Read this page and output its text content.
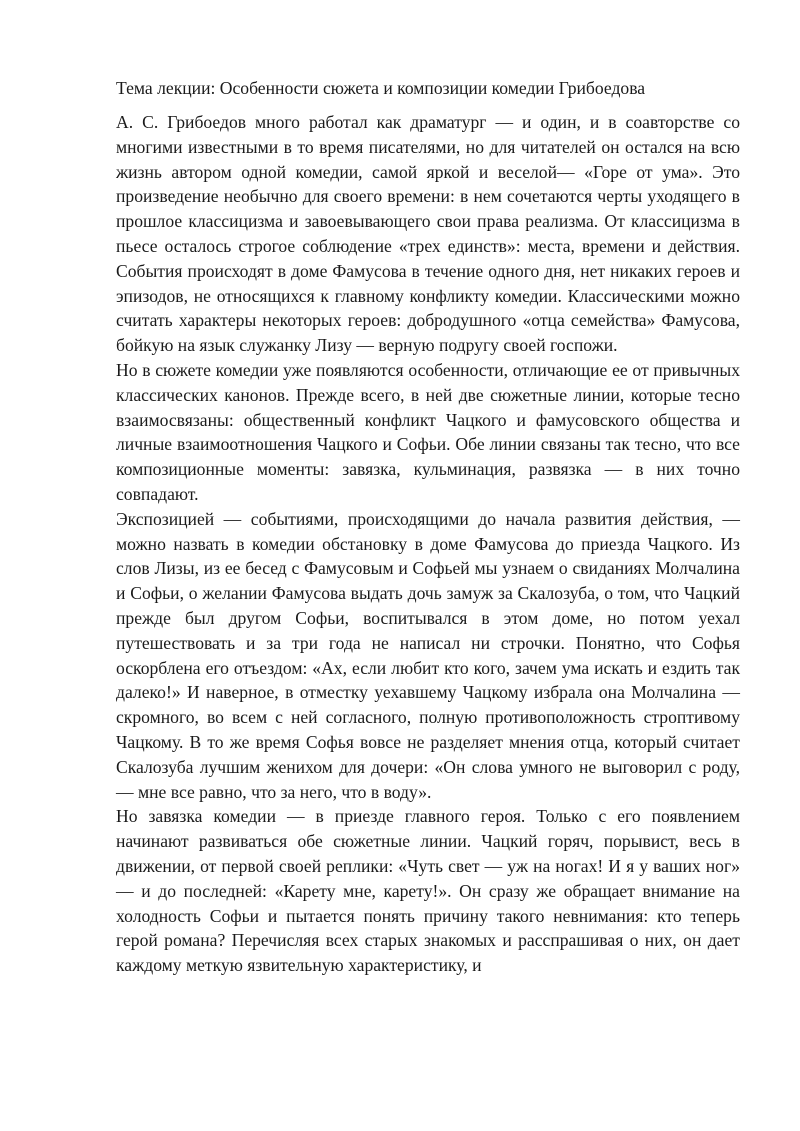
Тема лекции: Особенности сюжета и композиции комедии Грибоедова

А. С. Грибоедов много работал как драматург — и один, и в соавторстве со многими известными в то время писателями, но для читателей он остался на всю жизнь автором одной комедии, самой яркой и веселой— «Горе от ума». Это произведение необычно для своего времени: в нем сочетаются черты уходящего в прошлое классицизма и завоевывающего свои права реализма. От классицизма в пьесе осталось строгое соблюдение «трех единств»: места, времени и действия. События происходят в доме Фамусова в течение одного дня, нет никаких героев и эпизодов, не относящихся к главному конфликту комедии. Классическими можно считать характеры некоторых героев: добродушного «отца семейства» Фамусова, бойкую на язык служанку Лизу — верную подругу своей госпожи.

Но в сюжете комедии уже появляются особенности, отличающие ее от привычных классических канонов. Прежде всего, в ней две сюжетные линии, которые тесно взаимосвязаны: общественный конфликт Чацкого и фамусовского общества и личные взаимоотношения Чацкого и Софьи. Обе линии связаны так тесно, что все композиционные моменты: завязка, кульминация, развязка — в них точно совпадают.

Экспозицией — событиями, происходящими до начала развития действия, — можно назвать в комедии обстановку в доме Фамусова до приезда Чацкого. Из слов Лизы, из ее бесед с Фамусовым и Софьей мы узнаем о свиданиях Молчалина и Софьи, о желании Фамусова выдать дочь замуж за Скалозуба, о том, что Чацкий прежде был другом Софьи, воспитывался в этом доме, но потом уехал путешествовать и за три года не написал ни строчки. Понятно, что Софья оскорблена его отъездом: «Ах, если любит кто кого, зачем ума искать и ездить так далеко!» И наверное, в отместку уехавшему Чацкому избрала она Молчалина — скромного, во всем с ней согласного, полную противоположность строптивому Чацкому. В то же время Софья вовсе не разделяет мнения отца, который считает Скалозуба лучшим женихом для дочери: «Он слова умного не выговорил с роду, — мне все равно, что за него, что в воду».

Но завязка комедии — в приезде главного героя. Только с его появлением начинают развиваться обе сюжетные линии. Чацкий горяч, порывист, весь в движении, от первой своей реплики: «Чуть свет — уж на ногах! И я у ваших ног» — и до последней: «Карету мне, карету!». Он сразу же обращает внимание на холодность Софьи и пытается понять причину такого невнимания: кто теперь герой романа? Перечисляя всех старых знакомых и расспрашивая о них, он дает каждому меткую язвительную характеристику, и
